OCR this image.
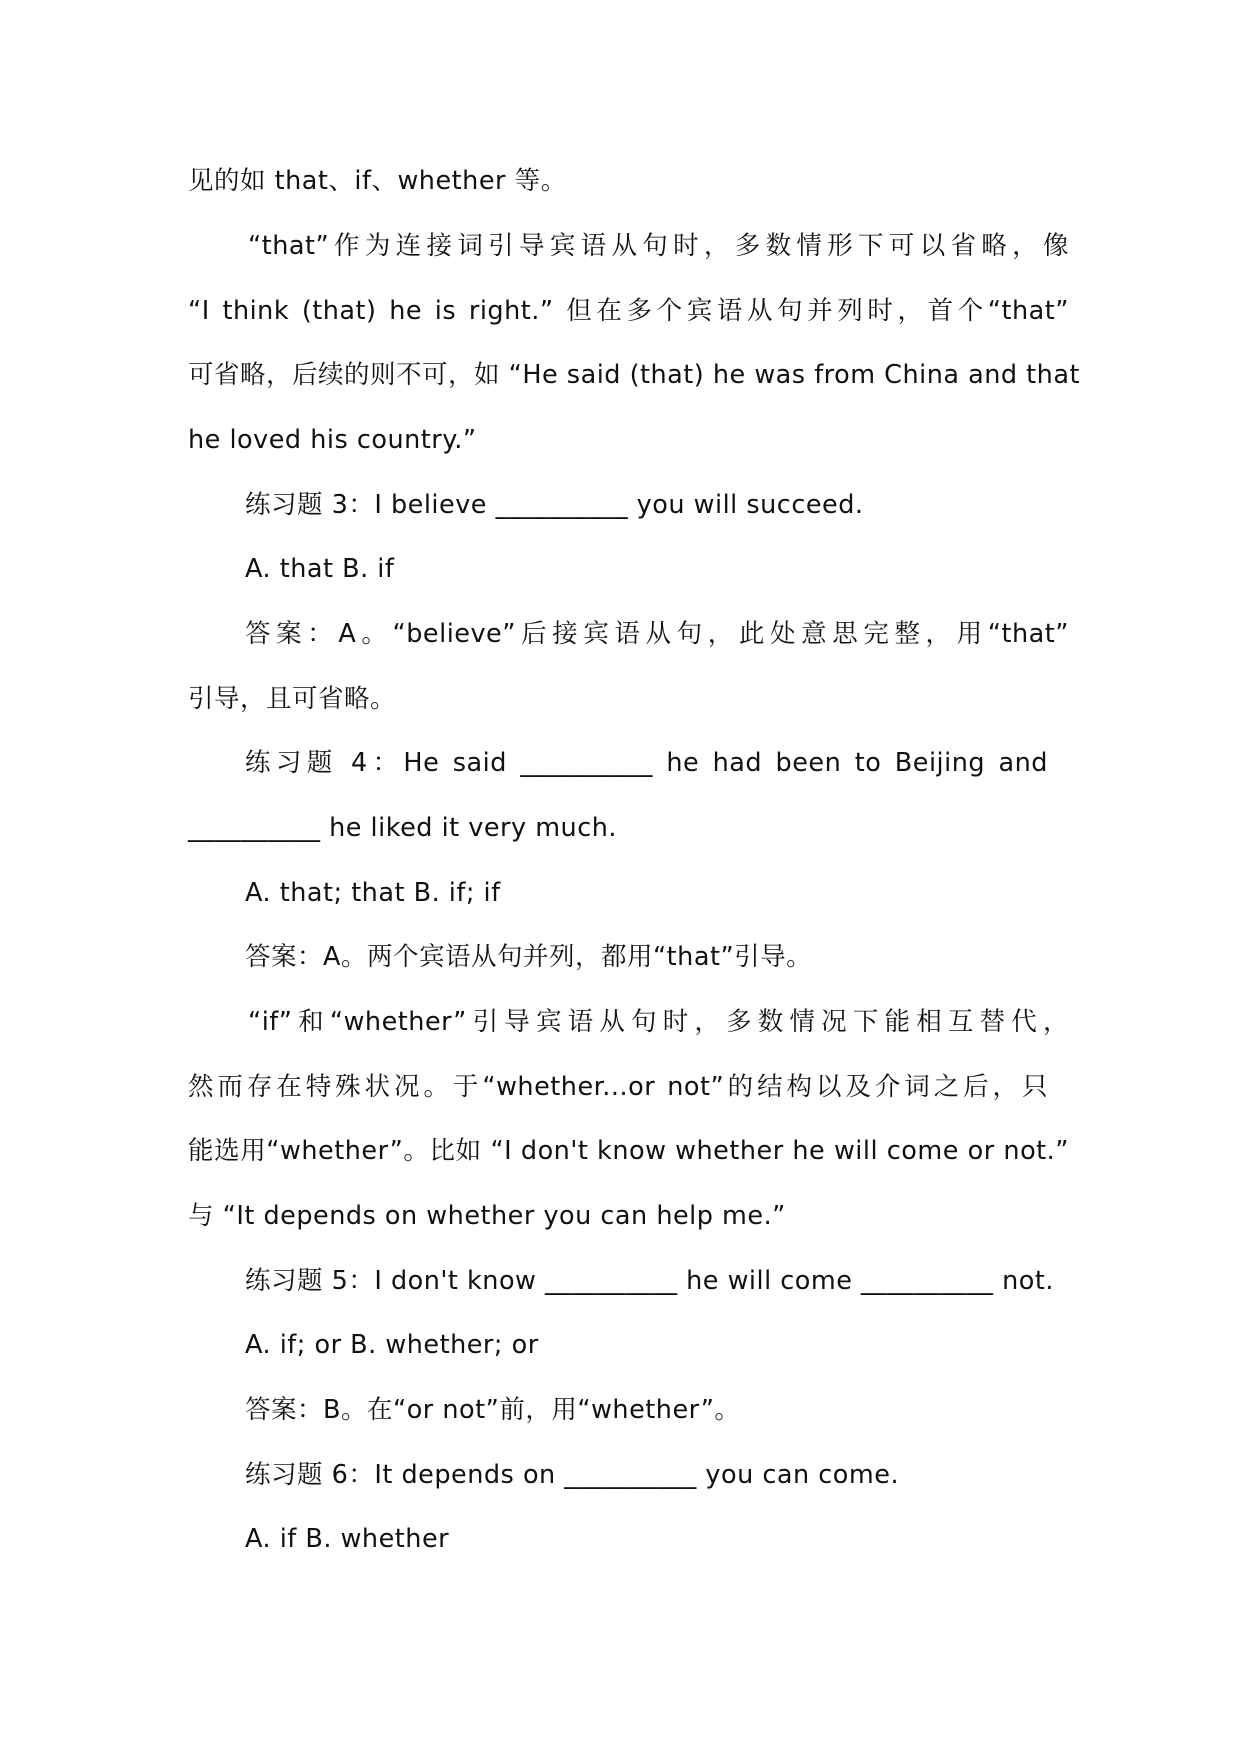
见的如 that、if、whether 等。
“that”作为连接词引导宾语从句时，多数情形下可以省略，像
“I think (that) he is right.” 但在多个宾语从句并列时，首个“that”
可省略，后续的则不可，如 “He said (that) he was from China and that
he loved his country.”
练习题 3：I believe __________ you will succeed.
A. that B. if
答案：A。“believe”后接宾语从句，此处意思完整，用“that”
引导，且可省略。
练习题 4：He said __________ he had been to Beijing and
__________ he liked it very much.
A. that; that B. if; if
答案：A。两个宾语从句并列，都用“that”引导。
“if”和“whether”引导宾语从句时，多数情况下能相互替代，
然而存在特殊状况。于“whether...or not”的结构以及介词之后，只
能选用“whether”。比如 “I don't know whether he will come or not.”
与 “It depends on whether you can help me.”
练习题 5：I don't know __________ he will come __________ not.
A. if; or B. whether; or
答案：B。在“or not”前，用“whether”。
练习题 6：It depends on __________ you can come.
A. if B. whether
